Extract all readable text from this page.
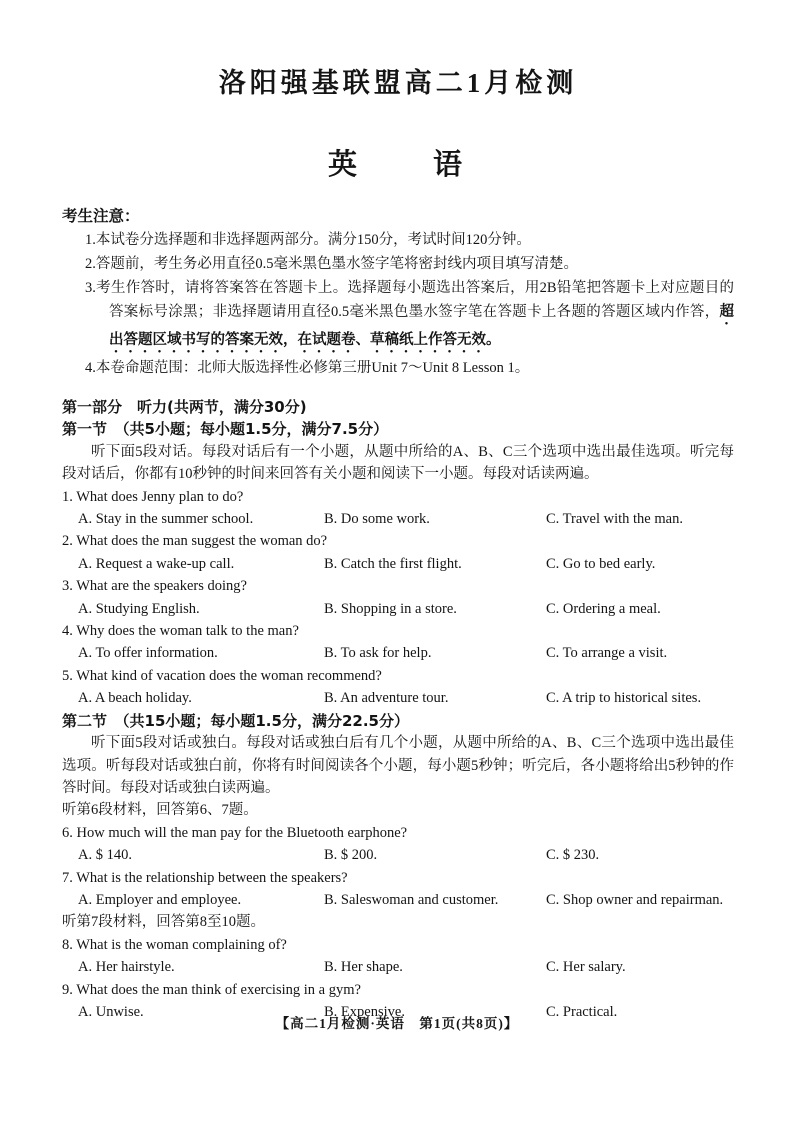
洛阳强基联盟高二1月检测
英　　语
考生注意：
1.本试卷分选择题和非选择题两部分。满分150分，考试时间120分钟。
2.答题前，考生务必用直径0.5毫米黑色墨水签字笔将密封线内项目填写清楚。
3.考生作答时，请将答案答在答题卡上。选择题每小题选出答案后，用2B铅笔把答题卡上对应题目的答案标号涂黑；非选择题请用直径0.5毫米黑色墨水签字笔在答题卡上各题的答题区域内作答，超出答题区域书写的答案无效，在试题卷、草稿纸上作答无效。
4.本卷命题范围：北师大版选择性必修第三册Unit 7～Unit 8 Lesson 1。
第一部分　听力(共两节，满分30分)
第一节　（共5小题；每小题1.5分，满分7.5分）

听下面5段对话。每段对话后有一个小题，从题中所给的A、B、C三个选项中选出最佳选项。听完每段对话后，你都有10秒钟的时间来回答有关小题和阅读下一小题。每段对话读两遍。

1. What does Jenny plan to do?
A. Stay in the summer school.	B. Do some work.	C. Travel with the man.
2. What does the man suggest the woman do?
A. Request a wake-up call.	B. Catch the first flight.	C. Go to bed early.
3. What are the speakers doing?
A. Studying English.	B. Shopping in a store.	C. Ordering a meal.
4. Why does the woman talk to the man?
A. To offer information.	B. To ask for help.	C. To arrange a visit.
5. What kind of vacation does the woman recommend?
A. A beach holiday.	B. An adventure tour.	C. A trip to historical sites.
第二节　（共15小题；每小题1.5分，满分22.5分）

听下面5段对话或独白。每段对话或独白后有几个小题，从题中所给的A、B、C三个选项中选出最佳选项。听每段对话或独白前，你将有时间阅读各个小题，每小题5秒钟；听完后，各小题将给出5秒钟的作答时间。每段对话或独白读两遍。

听第6段材料，回答第6、7题。
6. How much will the man pay for the Bluetooth earphone?
A. $ 140.	B. $ 200.	C. $ 230.
7. What is the relationship between the speakers?
A. Employer and employee.	B. Saleswoman and customer.	C. Shop owner and repairman.
听第7段材料，回答第8至10题。
8. What is the woman complaining of?
A. Her hairstyle.	B. Her shape.	C. Her salary.
9. What does the man think of exercising in a gym?
A. Unwise.	B. Expensive.	C. Practical.
【高二1月检测·英语　第1页(共8页)】
